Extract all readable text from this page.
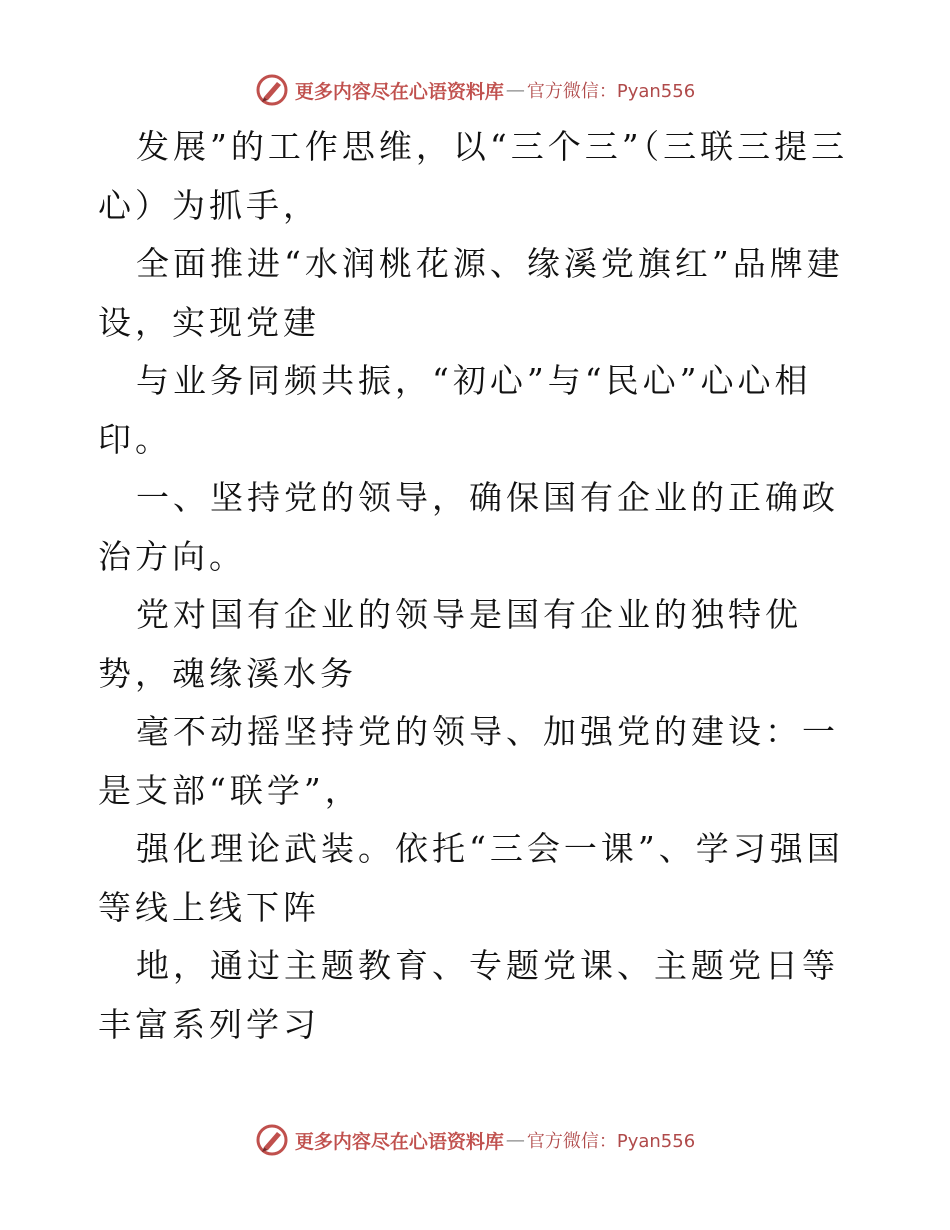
更多内容尽在心语资料库 — 官方微信：Pyan556

发展”的工作思维，以“三个三”（三联三提三心）为抓手，

全面推进“水润桃花源、缘溪党旗红”品牌建设，实现党建

与业务同频共振，“初心”与“民心”心心相印。

一、坚持党的领导，确保国有企业的正确政治方向。

党对国有企业的领导是国有企业的独特优势，魂缘溪水务

毫不动摇坚持党的领导、加强党的建设：一是支部“联学”，

强化理论武装。依托“三会一课”、学习强国等线上线下阵

地，通过主题教育、专题党课、主题党日等丰富系列学习

更多内容尽在心语资料库 — 官方微信：Pyan556
